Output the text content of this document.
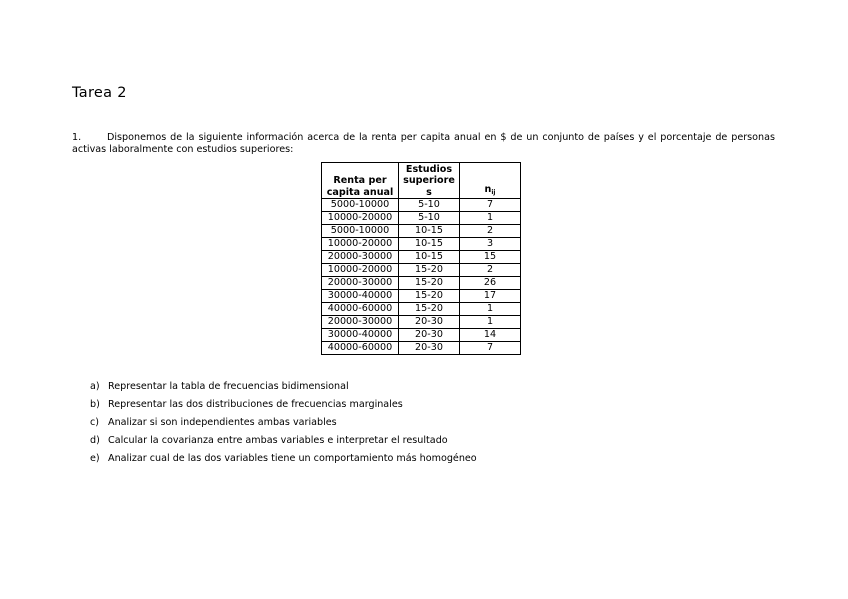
Tarea 2

1.	Disponemos de la siguiente información acerca de la renta per capita anual en $ de un conjunto de países y el porcentaje de personas activas laboralmente con estudios superiores:

Renta per capita anual	Estudios superiore s	$n_{ij}$
5000-10000	5-10	7
10000-20000	5-10	1
5000-10000	10-15	2
10000-20000	10-15	3
20000-30000	10-15	15
10000-20000	15-20	2
20000-30000	15-20	26
30000-40000	15-20	17
40000-60000	15-20	1
20000-30000	20-30	1
30000-40000	20-30	14
40000-60000	20-30	7
a) Representar la tabla de frecuencias bidimensional
b) Representar las dos distribuciones de frecuencias marginales
c) Analizar si son independientes ambas variables
d) Calcular la covarianza entre ambas variables e interpretar el resultado
e) Analizar cual de las dos variables tiene un comportamiento más homogéneo
